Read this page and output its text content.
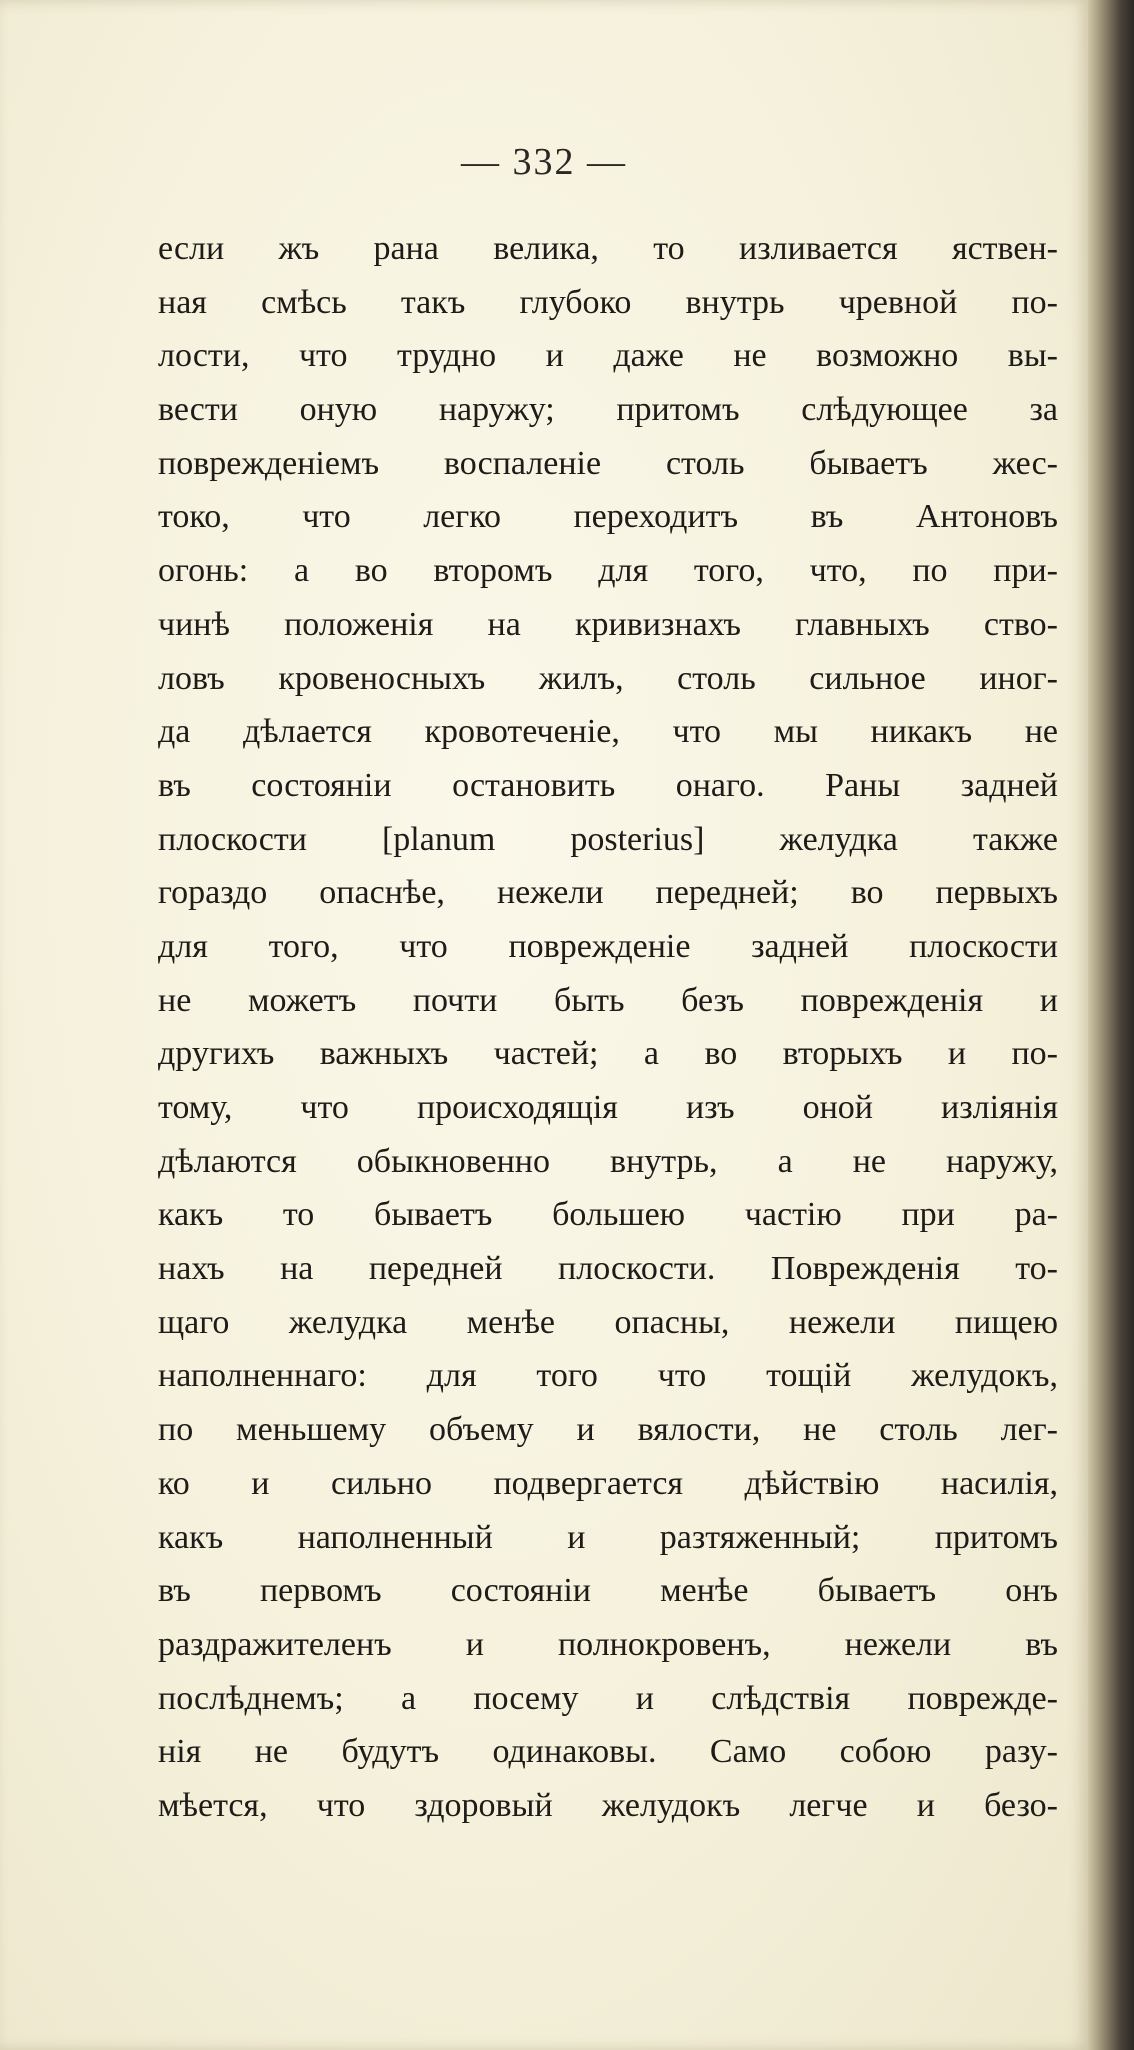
— 332 —
если жъ рана велика, то изливается яствен-
ная смѣсь такъ глубоко внутрь чревной по-
лости, что трудно и даже не возможно вы-
вести оную наружу; притомъ слѣдующее за
поврежденіемъ воспаленіе столь бываетъ жес-
токо, что легко переходитъ въ Антоновъ
огонь: а во второмъ для того, что, по при-
чинѣ положенія на кривизнахъ главныхъ ство-
ловъ кровеносныхъ жилъ, столь сильное иног-
да дѣлается кровотеченіе, что мы никакъ не
въ состояніи остановить онаго. Раны задней
плоскости [planum posterius] желудка также
гораздо опаснѣе, нежели передней; во первыхъ
для того, что поврежденіе задней плоскости
не можетъ почти быть безъ поврежденія и
другихъ важныхъ частей; а во вторыхъ и по-
тому, что происходящія изъ оной изліянія
дѣлаются обыкновенно внутрь, а не наружу,
какъ то бываетъ большею частію при ра-
нахъ на передней плоскости. Поврежденія то-
щаго желудка менѣе опасны, нежели пищею
наполненнаго: для того что тощій желудокъ,
по меньшему объему и вялости, не столь лег-
ко и сильно подвергается дѣйствію насилія,
какъ наполненный и разтяженный; притомъ
въ первомъ состояніи менѣе бываетъ онъ
раздражителенъ и полнокровенъ, нежели въ
послѣднемъ; а посему и слѣдствія поврежде-
нія не будутъ одинаковы. Само собою разу-
мѣется, что здоровый желудокъ легче и безо-
